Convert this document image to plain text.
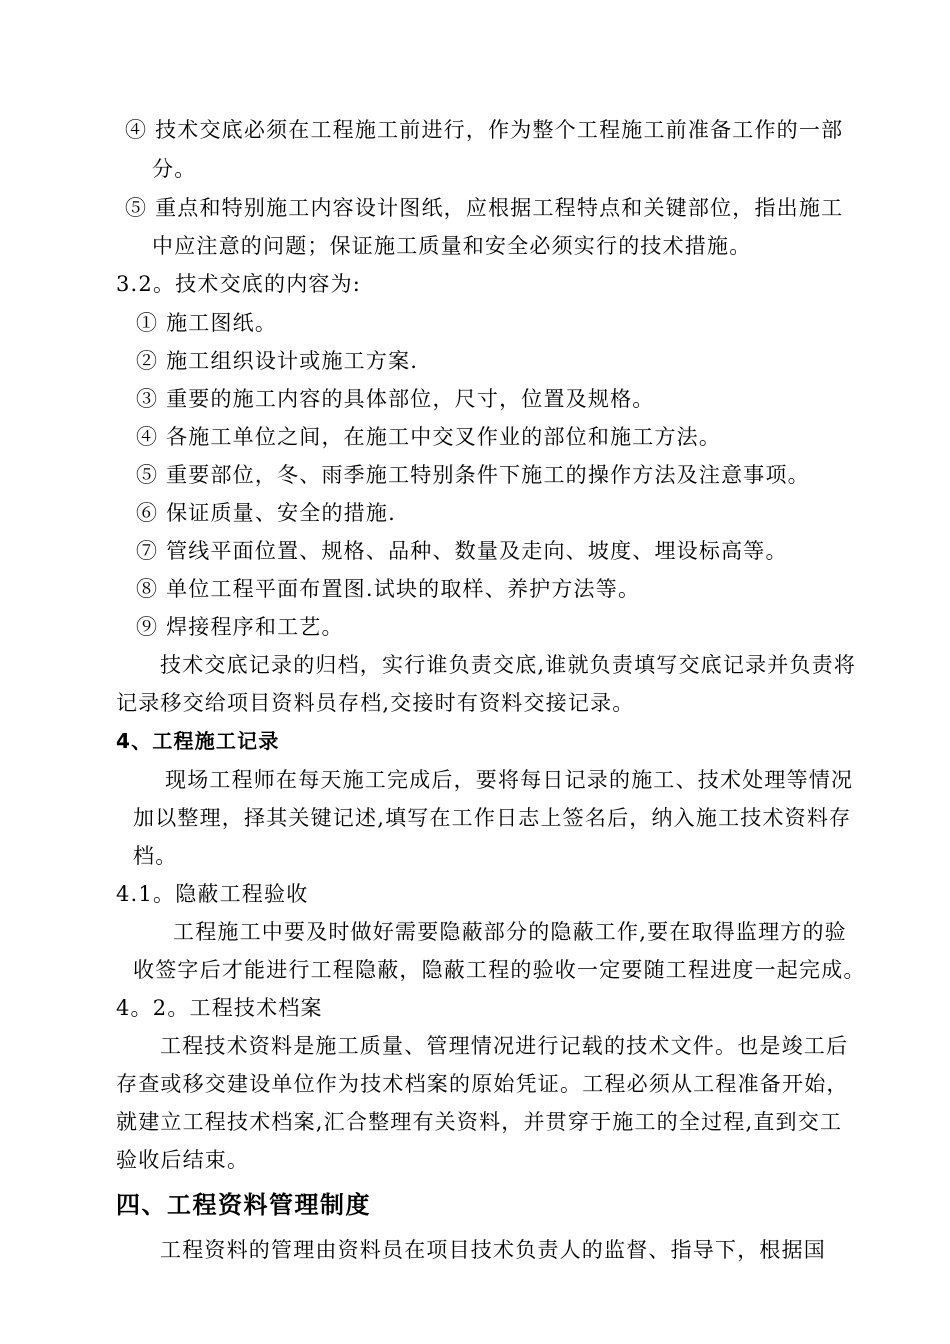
④ 技术交底必须在工程施工前进行，作为整个工程施工前准备工作的一部
分。
⑤ 重点和特别施工内容设计图纸，应根据工程特点和关键部位，指出施工
中应注意的问题；保证施工质量和安全必须实行的技术措施。
3.2。技术交底的内容为:
① 施工图纸。
② 施工组织设计或施工方案.
③ 重要的施工内容的具体部位，尺寸，位置及规格。
④ 各施工单位之间，在施工中交叉作业的部位和施工方法。
⑤ 重要部位，冬、雨季施工特别条件下施工的操作方法及注意事项。
⑥ 保证质量、安全的措施.
⑦ 管线平面位置、规格、品种、数量及走向、坡度、埋设标高等。
⑧ 单位工程平面布置图.试块的取样、养护方法等。
⑨ 焊接程序和工艺。
技术交底记录的归档，实行谁负责交底,谁就负责填写交底记录并负责将
记录移交给项目资料员存档,交接时有资料交接记录。
4、工程施工记录
现场工程师在每天施工完成后，要将每日记录的施工、技术处理等情况
加以整理，择其关键记述,填写在工作日志上签名后，纳入施工技术资料存
档。
4.1。隐蔽工程验收
工程施工中要及时做好需要隐蔽部分的隐蔽工作,要在取得监理方的验
收签字后才能进行工程隐蔽，隐蔽工程的验收一定要随工程进度一起完成。
4。2。工程技术档案
工程技术资料是施工质量、管理情况进行记载的技术文件。也是竣工后
存查或移交建设单位作为技术档案的原始凭证。工程必须从工程准备开始，
就建立工程技术档案,汇合整理有关资料，并贯穿于施工的全过程,直到交工
验收后结束。
四、工程资料管理制度
工程资料的管理由资料员在项目技术负责人的监督、指导下，根据国
